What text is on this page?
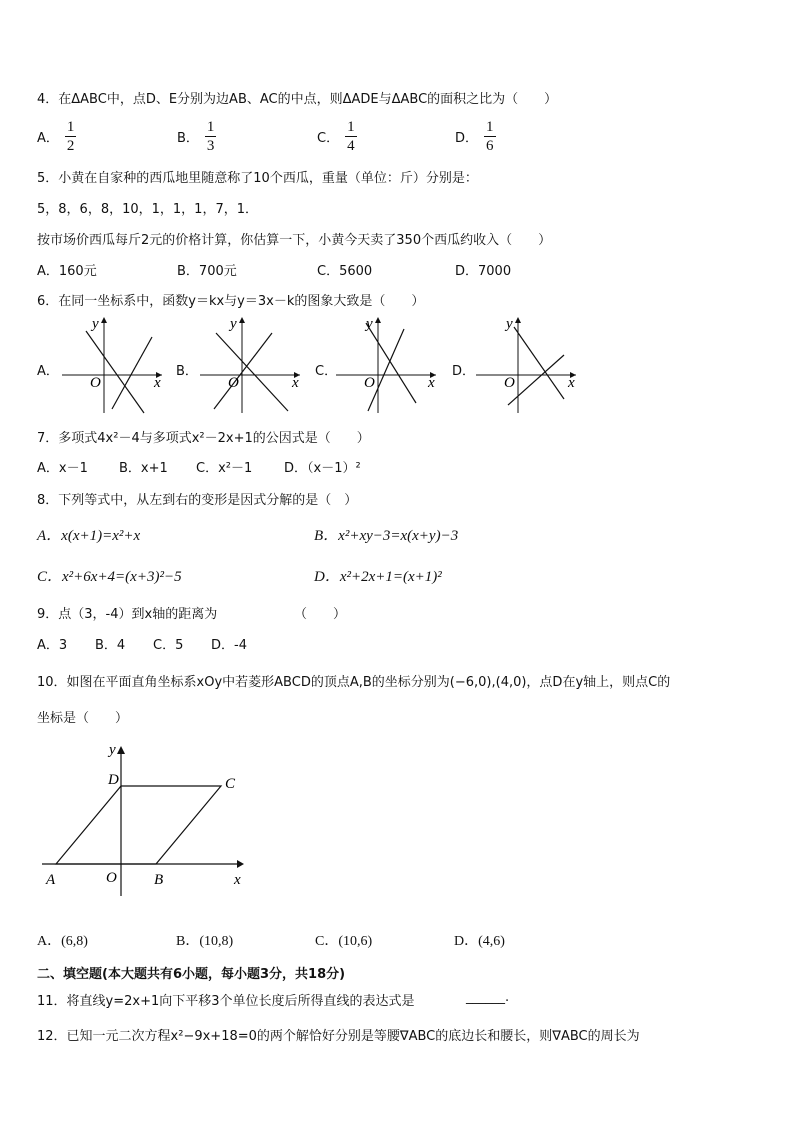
4．在ΔABC中，点D、E分别为边AB、AC的中点，则ΔADE与ΔABC的面积之比为（　　）
A． $\frac{1}{2}$	B． $\frac{1}{3}$	C． $\frac{1}{4}$	D． $\frac{1}{6}$
5．小黄在自家种的西瓜地里随意称了10个西瓜，重量（单位：斤）分别是：
5，8，6，8，10，1，1，1，7，1．
按市场价西瓜每斤2元的价格计算，你估算一下，小黄今天卖了350个西瓜约收入（　　）
A．160元	B．700元	C．5600	D．7000
6．在同一坐标系中，函数y＝kx与y＝3x－k的图象大致是（　　）
A．
y
x
O
B．
y
x
O
C．
y
x
O
D．
y
x
O
7．多项式4x²－4与多项式x²－2x+1的公因式是（　　）
A．x－1	B．x+1	C．x²－1	D．（x－1）²
8．下列等式中，从左到右的变形是因式分解的是（　）
A．x(x+1)=x²+x	B．x²+xy−3=x(x+y)−3
C．x²+6x+4=(x+3)²−5	D．x²+2x+1=(x+1)²
9．点（3，-4）到x轴的距离为	（　　）
A．3	B．4	C．5	D．-4
10．如图在平面直角坐标系xOy中若菱形ABCD的顶点A,B的坐标分别为(−6,0),(4,0)，点D在y轴上，则点C的
坐标是（　　）
y
x
D	C
A	O B
A．(6,8)	B．(10,8)	C．(10,6)	D．(4,6)
二、填空题(本大题共有6小题，每小题3分，共18分)
11．将直线y=2x+1向下平移3个单位长度后所得直线的表达式是	______.
12．已知一元二次方程x²−9x+18=0的两个解恰好分别是等腰∇ABC的底边长和腰长，则∇ABC的周长为
